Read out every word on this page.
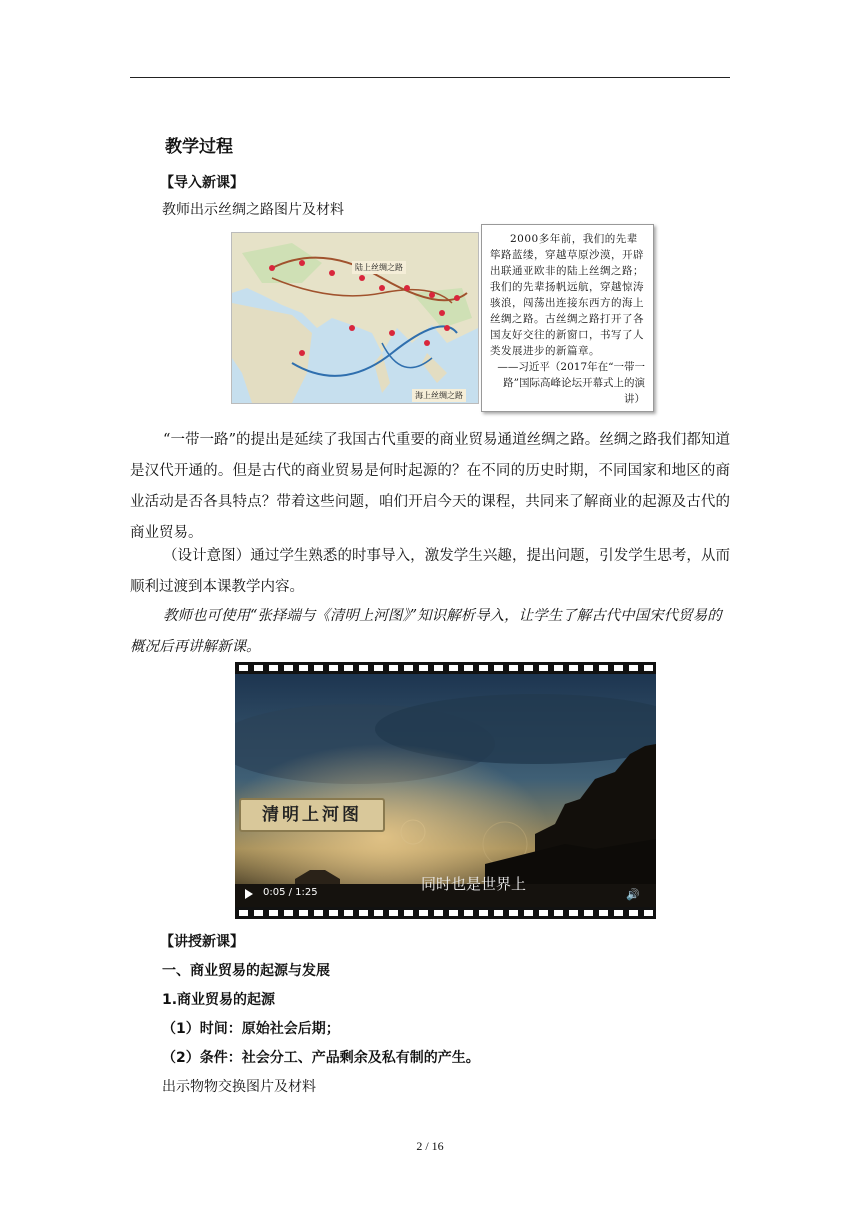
教学过程
【导入新课】
教师出示丝绸之路图片及材料
陆上丝绸之路
海上丝绸之路
2000多年前，我们的先辈筚路蓝缕，穿越草原沙漠，开辟出联通亚欧非的陆上丝绸之路；我们的先辈扬帆远航，穿越惊涛骇浪，闯荡出连接东西方的海上丝绸之路。古丝绸之路打开了各国友好交往的新窗口，书写了人类发展进步的新篇章。
——习近平（2017年在“一带一路”国际高峰论坛开幕式上的演讲）
“一带一路”的提出是延续了我国古代重要的商业贸易通道丝绸之路。丝绸之路我们都知道是汉代开通的。但是古代的商业贸易是何时起源的？在不同的历史时期，不同国家和地区的商业活动是否各具特点？带着这些问题，咱们开启今天的课程，共同来了解商业的起源及古代的商业贸易。
（设计意图）通过学生熟悉的时事导入，激发学生兴趣，提出问题，引发学生思考，从而顺利过渡到本课教学内容。
教师也可使用“张择端与《清明上河图》”知识解析导入，让学生了解古代中国宋代贸易的概况后再讲解新课。
清明上河图
同时也是世界上
0:05 / 1:25	🔊
【讲授新课】
一、商业贸易的起源与发展
1.商业贸易的起源
（1）时间：原始社会后期；
（2）条件：社会分工、产品剩余及私有制的产生。
出示物物交换图片及材料
2 / 16
